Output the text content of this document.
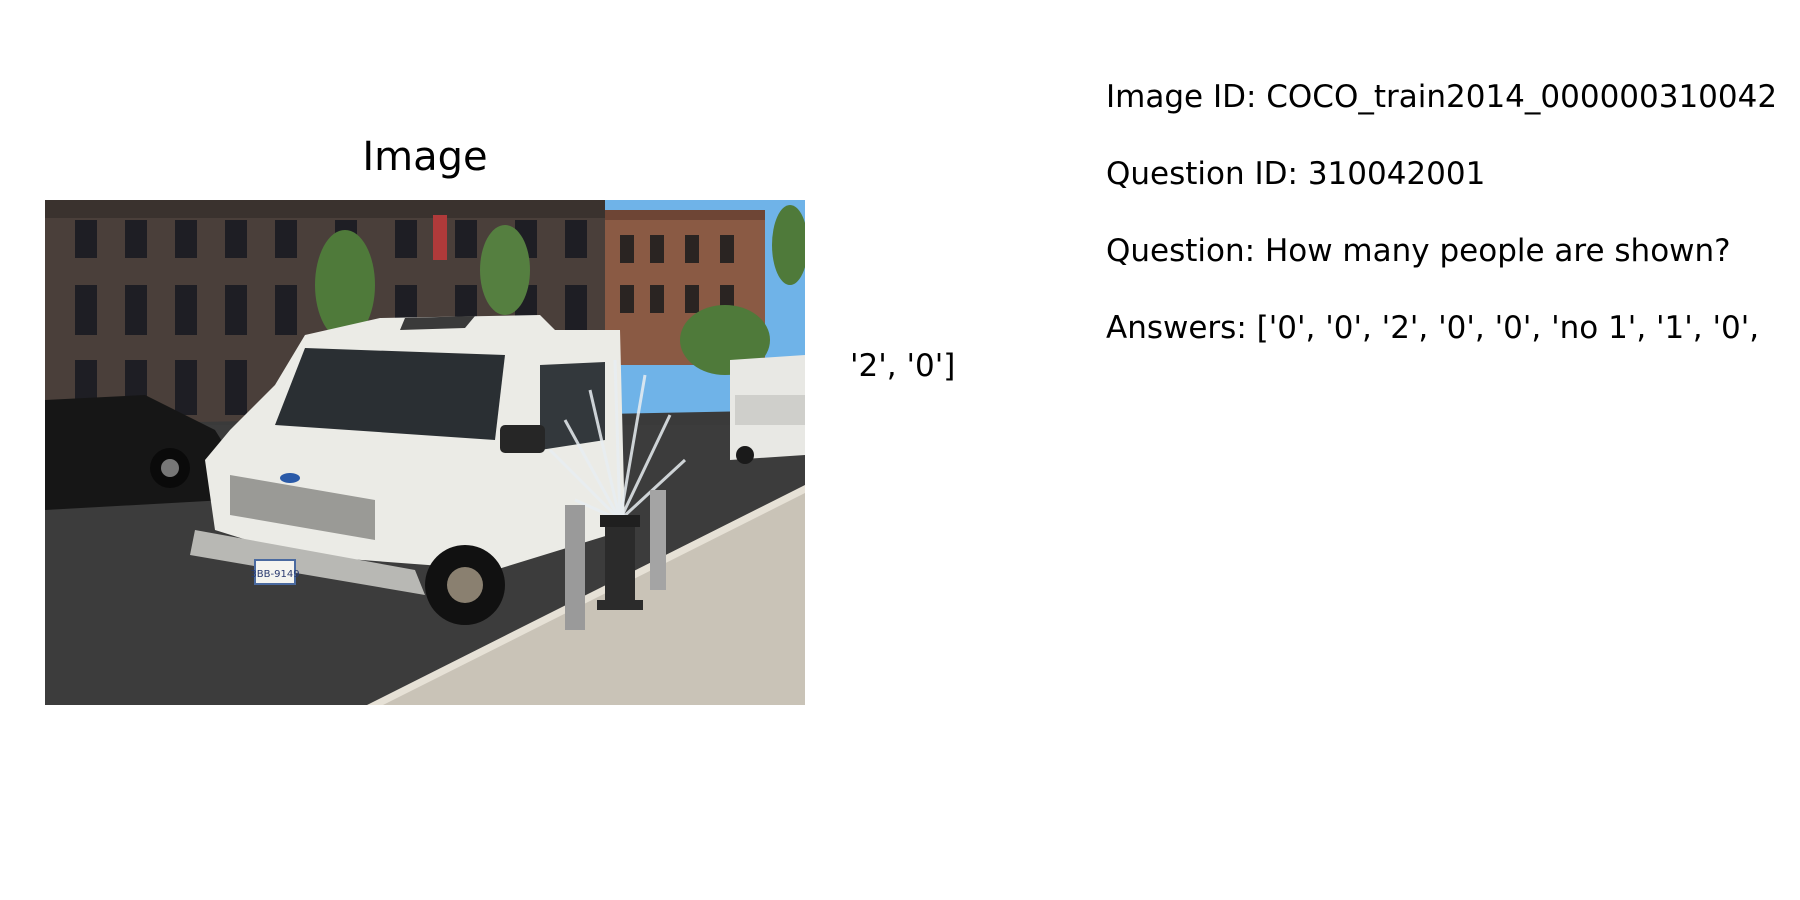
Image
3BB-9149

Image ID: COCO_train2014_000000310042

Question ID: 310042001

Question: How many people are shown?

Answers: ['0', '0', '2', '0', '0', 'no 1', '1', '0', '2', '0']
